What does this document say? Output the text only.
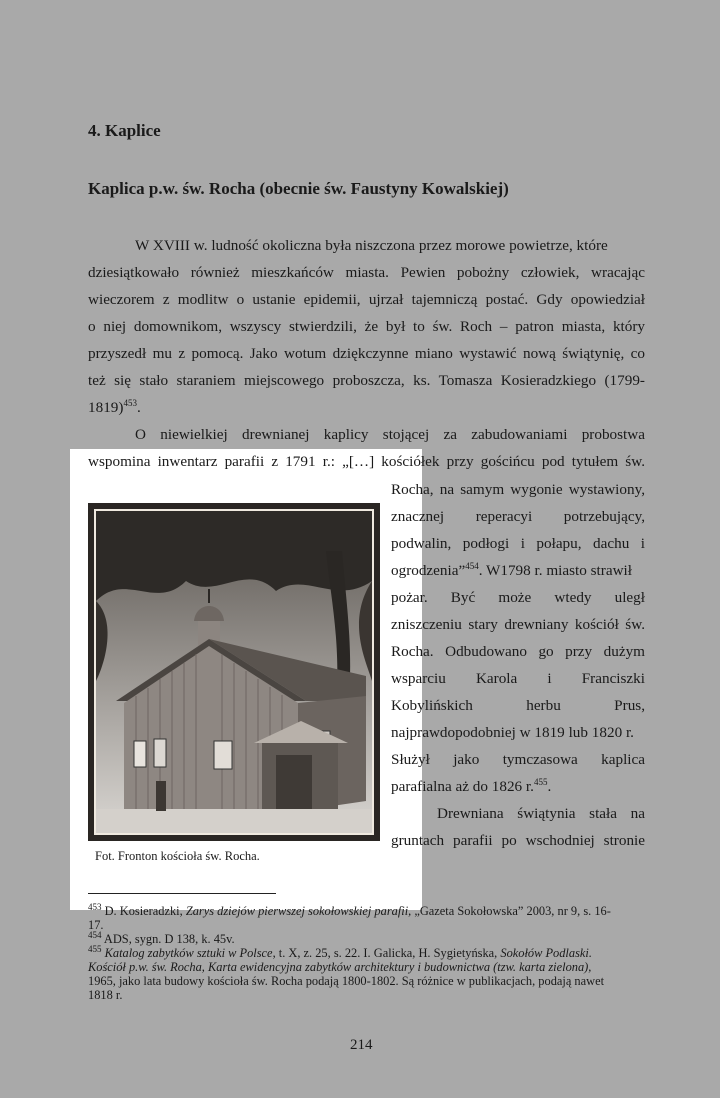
4. Kaplice
Kaplica p.w. św. Rocha (obecnie św. Faustyny Kowalskiej)
W XVIII w. ludność okoliczna była niszczona przez morowe powietrze, które
dziesiątkowało również mieszkańców miasta. Pewien pobożny człowiek, wracając
wieczorem z modlitw o ustanie epidemii, ujrzał tajemniczą postać. Gdy opowiedział
o niej domownikom, wszyscy stwierdzili, że był to św. Roch – patron miasta, który
przyszedł mu z pomocą. Jako wotum dziękczynne miano wystawić nową świątynię, co
też się stało staraniem miejscowego proboszcza, ks. Tomasza Kosieradzkiego (1799-
1819)$^{453}$.
O niewielkiej drewnianej kaplicy stojącej za zabudowaniami probostwa
wspomina inwentarz parafii z 1791 r.: „[…] kościółek przy gościńcu pod tytułem św.
Rocha, na samym wygonie wystawiony,
znacznej reperacyi potrzebujący,
podwalin, podłogi i połapu, dachu i
ogrodzenia”$^{454}$. W1798 r. miasto strawił
pożar. Być może wtedy uległ
zniszczeniu stary drewniany kościół św.
Rocha. Odbudowano go przy dużym
wsparciu Karola i Franciszki
Kobylińskich herbu Prus,
najprawdopodobniej w 1819 lub 1820 r.
Służył jako tymczasowa kaplica
parafialna aż do 1826 r.$^{455}$.
Drewniana świątynia stała na
gruntach parafii po wschodniej stronie
Fot. Fronton kościoła św. Rocha.
$^{453}$ D. Kosieradzki, Zarys dziejów pierwszej sokołowskiej parafii, „Gazeta Sokołowska” 2003, nr 9, s. 16-
17.
$^{454}$ ADS, sygn. D 138, k. 45v.
$^{455}$ Katalog zabytków sztuki w Polsce, t. X, z. 25, s. 22. I. Galicka, H. Sygietyńska, Sokołów Podlaski.
Kościół p.w. św. Rocha, Karta ewidencyjna zabytków architektury i budownictwa (tzw. karta zielona),
1965, jako lata budowy kościoła św. Rocha podają 1800-1802. Są różnice w publikacjach, podają nawet
1818 r.
214
